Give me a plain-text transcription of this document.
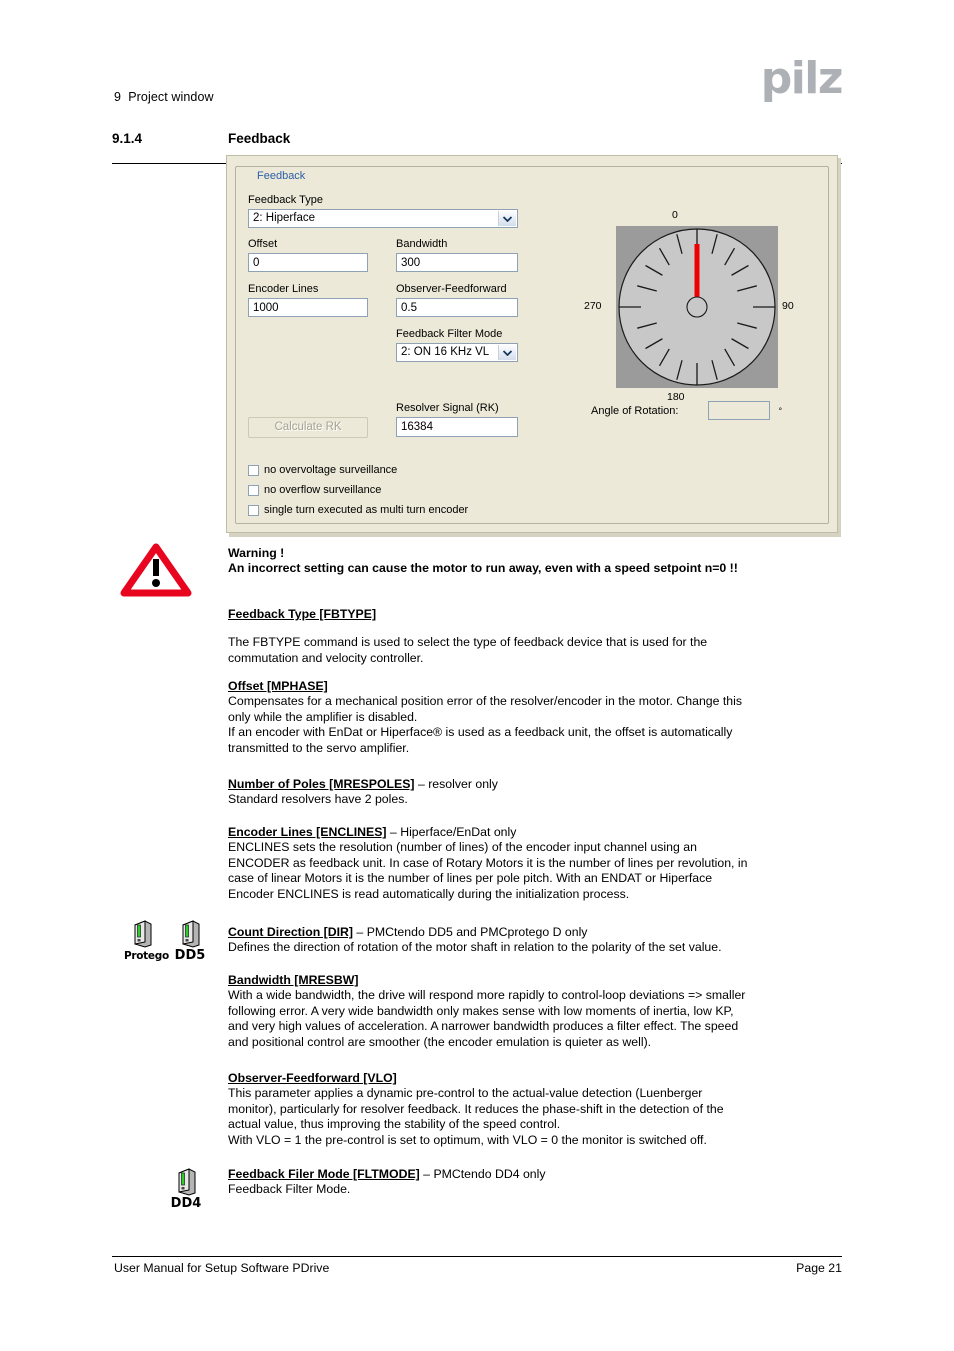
9  Project window	pilz
9.1.4	Feedback
Feedback
Feedback Type
2: Hiperface
Offset
0
Bandwidth
300
Encoder Lines
1000
Observer-Feedforward
0.5
Feedback Filter Mode
2: ON 16 KHz VL
Calculate RK
Resolver Signal (RK)
16384
no overvoltage surveillance
no overflow surveillance
single turn executed as multi turn encoder
0
90
180
270
Angle of Rotation:	°

Warning !

An incorrect setting can cause the motor to run away, even with a speed setpoint n=0 !!

Feedback Type [FBTYPE]

The FBTYPE command is used to select the type of feedback device that is used for the

commutation and velocity controller.

Offset [MPHASE]

Compensates for a mechanical position error of the resolver/encoder in the motor. Change this

only while the amplifier is disabled.

If an encoder with EnDat or Hiperface® is used as a feedback unit, the offset is automatically

transmitted to the servo amplifier.

Number of Poles [MRESPOLES] – resolver only

Standard resolvers have 2 poles.

Encoder Lines [ENCLINES] – Hiperface/EnDat only

ENCLINES sets the resolution (number of lines) of the encoder input channel using an

ENCODER as feedback unit. In case of Rotary Motors it is the number of lines per revolution, in

case of linear Motors it is the number of lines per pole pitch. With an ENDAT or Hiperface

Encoder ENCLINES is read automatically during the initialization process.

Protego DD5

Count Direction [DIR] – PMCtendo DD5 and PMCprotego D only

Defines the direction of rotation of the motor shaft in relation to the polarity of the set value.

Bandwidth [MRESBW]

With a wide bandwidth, the drive will respond more rapidly to control-loop deviations => smaller

following error. A very wide bandwidth only makes sense with low moments of inertia, low KP,

and very high values of acceleration. A narrower bandwidth produces a filter effect. The speed

and positional control are smoother (the encoder emulation is quieter as well).

Observer-Feedforward [VLO]

This parameter applies a dynamic pre-control to the actual-value detection (Luenberger

monitor), particularly for resolver feedback. It reduces the phase-shift in the detection of the

actual value, thus improving the stability of the speed control.

With VLO = 1 the pre-control is set to optimum, with VLO = 0 the monitor is switched off.

DD4

Feedback Filer Mode [FLTMODE] – PMCtendo DD4 only

Feedback Filter Mode.

User Manual for Setup Software PDrive	Page 21
